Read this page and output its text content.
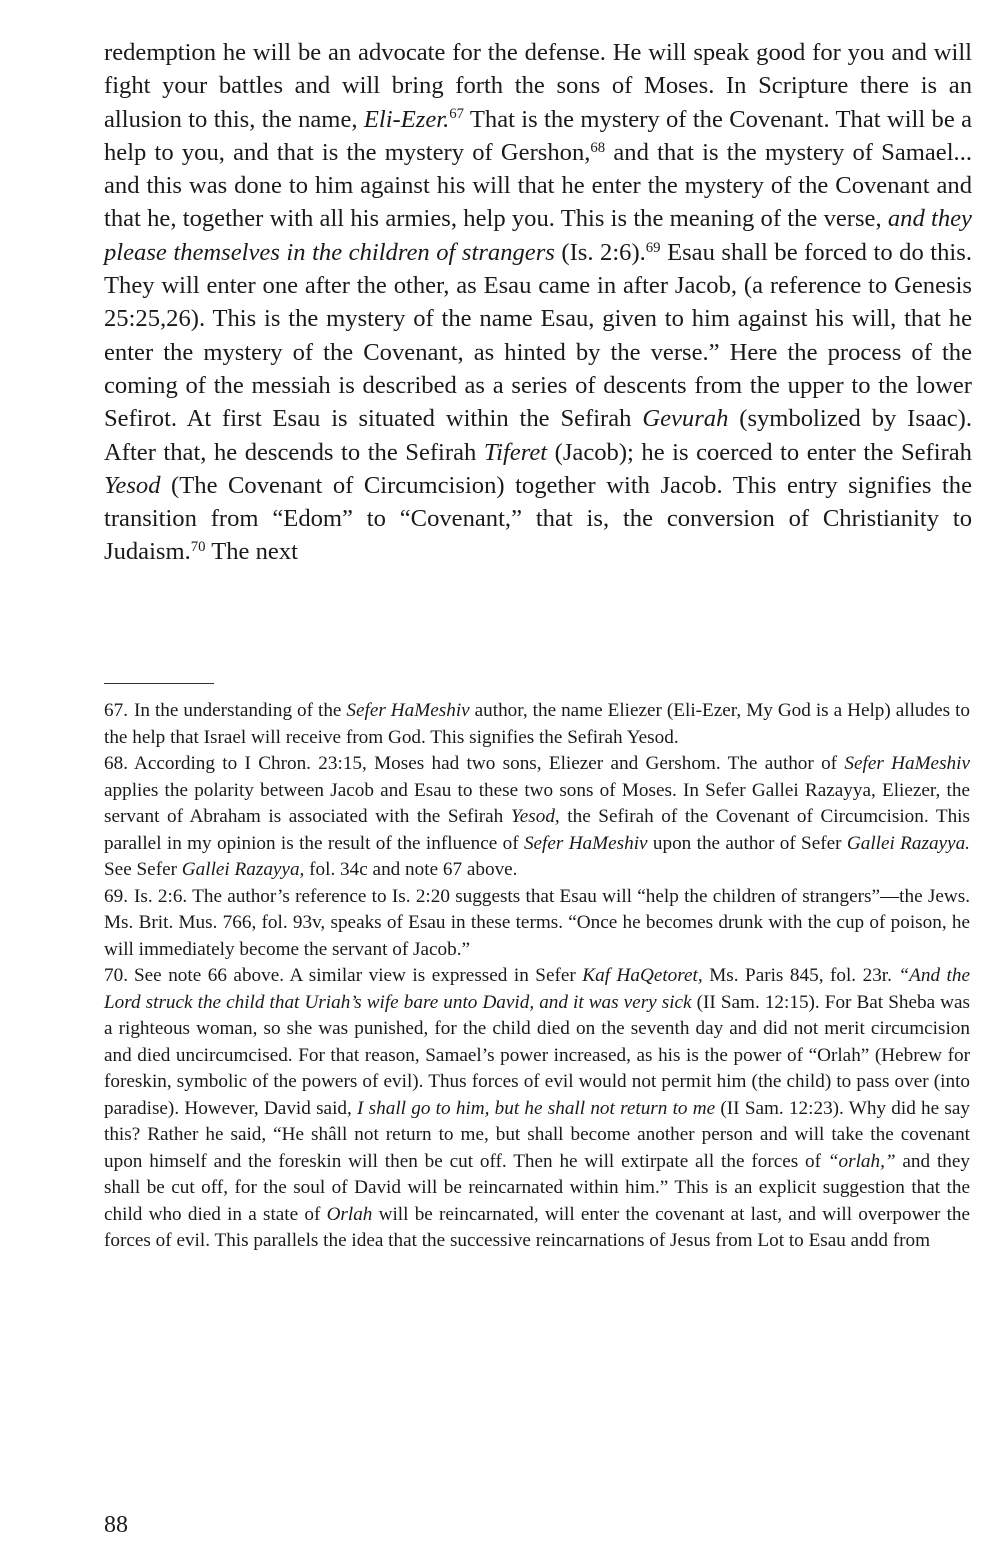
redemption he will be an advocate for the defense. He will speak good for you and will fight your battles and will bring forth the sons of Moses. In Scripture there is an allusion to this, the name, Eli-Ezer.$^{67}$ That is the mystery of the Covenant. That will be a help to you, and that is the mystery of Gershon,$^{68}$ and that is the mystery of Samael... and this was done to him against his will that he enter the mystery of the Covenant and that he, together with all his armies, help you. This is the meaning of the verse, and they please themselves in the children of strangers (Is. 2:6).$^{69}$ Esau shall be forced to do this. They will enter one after the other, as Esau came in after Jacob, (a reference to Genesis 25:25,26). This is the mystery of the name Esau, given to him against his will, that he enter the mystery of the Covenant, as hinted by the verse.” Here the process of the coming of the messiah is described as a series of descents from the upper to the lower Sefirot. At first Esau is situated within the Sefirah Gevurah (symbolized by Isaac). After that, he descends to the Sefirah Tiferet (Jacob); he is coerced to enter the Sefirah Yesod (The Covenant of Circumcision) together with Jacob. This entry signifies the transition from “Edom” to “Covenant,” that is, the conversion of Christianity to Judaism.$^{70}$ The next

67. In the understanding of the Sefer HaMeshiv author, the name Eliezer (Eli-Ezer, My God is a Help) alludes to the help that Israel will receive from God. This signifies the Sefirah Yesod.

68. According to I Chron. 23:15, Moses had two sons, Eliezer and Gershom. The author of Sefer HaMeshiv applies the polarity between Jacob and Esau to these two sons of Moses. In Sefer Gallei Razayya, Eliezer, the servant of Abraham is associated with the Sefirah Yesod, the Sefirah of the Covenant of Circumcision. This parallel in my opinion is the result of the influence of Sefer HaMeshiv upon the author of Sefer Gallei Razayya. See Sefer Gallei Razayya, fol. 34c and note 67 above.

69. Is. 2:6. The author’s reference to Is. 2:20 suggests that Esau will “help the children of strangers”—the Jews. Ms. Brit. Mus. 766, fol. 93v, speaks of Esau in these terms. “Once he becomes drunk with the cup of poison, he will immediately become the servant of Jacob.”

70. See note 66 above. A similar view is expressed in Sefer Kaf HaQetoret, Ms. Paris 845, fol. 23r. “And the Lord struck the child that Uriah’s wife bare unto David, and it was very sick (II Sam. 12:15). For Bat Sheba was a righteous woman, so she was punished, for the child died on the seventh day and did not merit circumcision and died uncircumcised. For that reason, Samael’s power increased, as his is the power of “Orlah” (Hebrew for foreskin, symbolic of the powers of evil). Thus forces of evil would not permit him (the child) to pass over (into paradise). However, David said, I shall go to him, but he shall not return to me (II Sam. 12:23). Why did he say this? Rather he said, “He shâll not return to me, but shall become another person and will take the covenant upon himself and the foreskin will then be cut off. Then he will extirpate all the forces of “orlah,” and they shall be cut off, for the soul of David will be reincarnated within him.” This is an explicit suggestion that the child who died in a state of Orlah will be reincarnated, will enter the covenant at last, and will overpower the forces of evil. This parallels the idea that the successive reincarnations of Jesus from Lot to Esau andd from

88
